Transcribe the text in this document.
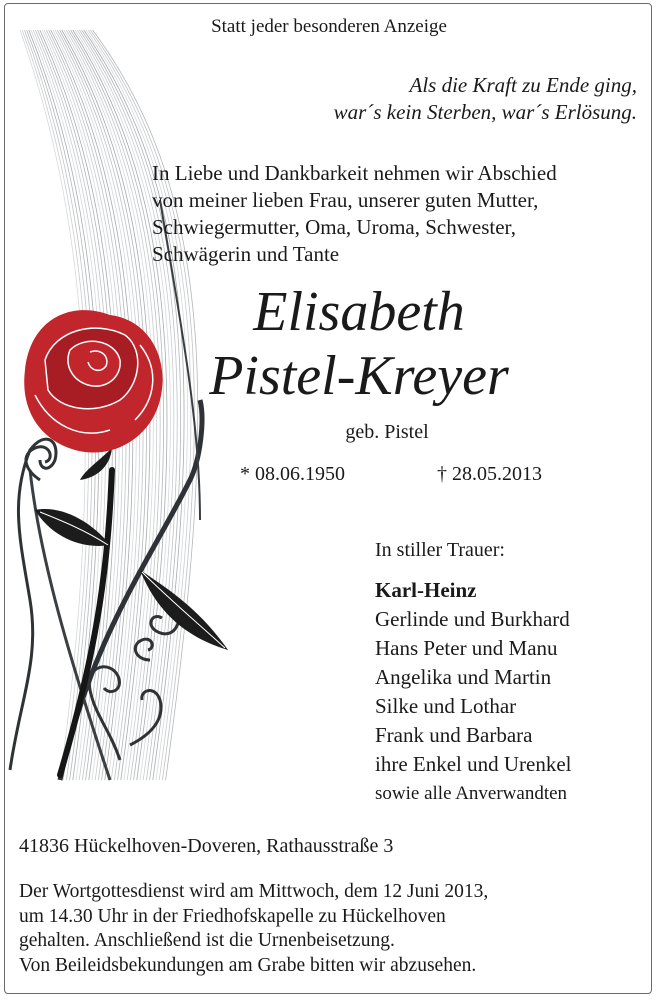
Statt jeder besonderen Anzeige
Als die Kraft zu Ende ging,
war´s kein Sterben, war´s Erlösung.
In Liebe und Dankbarkeit nehmen wir Abschied
von meiner lieben Frau, unserer guten Mutter,
Schwiegermutter, Oma, Uroma, Schwester,
Schwägerin und Tante
Elisabeth
Pistel-Kreyer
geb. Pistel
* 08.06.1950	† 28.05.2013
In stiller Trauer:
Karl-Heinz
Gerlinde und Burkhard
Hans Peter und Manu
Angelika und Martin
Silke und Lothar
Frank und Barbara
ihre Enkel und Urenkel
sowie alle Anverwandten
41836 Hückelhoven-Doveren, Rathausstraße 3
Der Wortgottesdienst wird am Mittwoch, dem 12 Juni 2013,
um 14.30 Uhr in der Friedhofskapelle zu Hückelhoven
gehalten. Anschließend ist die Urnenbeisetzung.
Von Beileidsbekundungen am Grabe bitten wir abzusehen.
